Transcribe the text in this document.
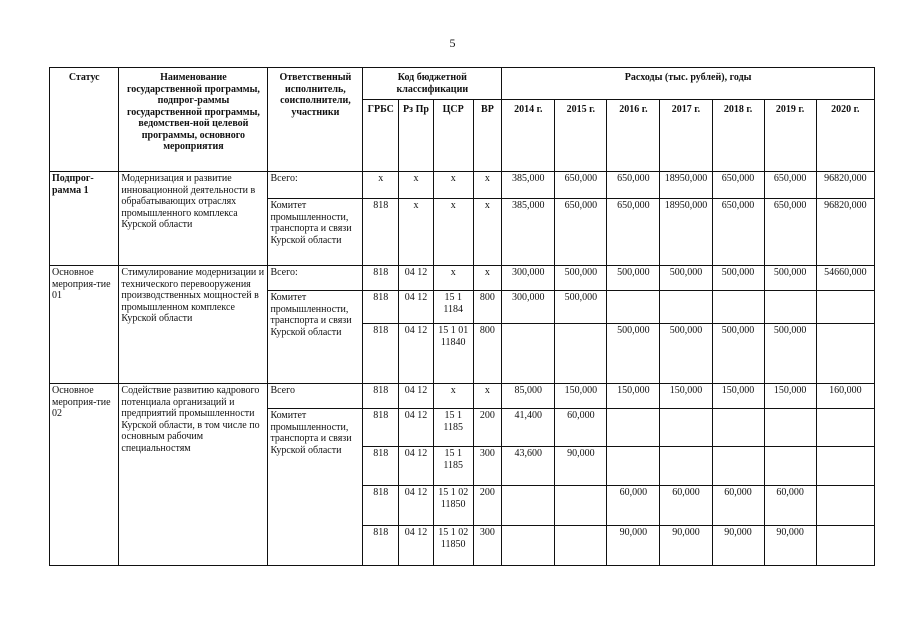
5
Статус	Наименование государственной программы, подпрог-раммы государственной программы, ведомствен-ной целевой программы, основного мероприятия	Ответственный исполнитель, соисполнители, участники	Код бюджетной классификации				Расходы (тыс. рублей), годы						
			ГРБС	Рз Пр	ЦСР	ВР	2014 г.	2015 г.	2016 г.	2017 г.	2018 г.	2019 г.	2020 г.
Подпрог-рамма 1	Модернизация и развитие инновационной деятельности в обрабатывающих отраслях промышленного комплекса Курской области	Всего:	x	x	x	x	385,000	650,000	650,000	18950,000	650,000	650,000	96820,000
		Комитет промышленности, транспорта и связи Курской области	818	x	x	x	385,000	650,000	650,000	18950,000	650,000	650,000	96820,000
Основное мероприя-тие 01	Стимулирование модернизации и технического перевооружения производственных мощностей в промышленном комплексе Курской области	Всего:	818	04 12	x	x	300,000	500,000	500,000	500,000	500,000	500,000	54660,000
		Комитет промышленности, транспорта и связи Курской области	818	04 12	15 1 1184	800	300,000	500,000					
			818	04 12	15 1 01 11840	800			500,000	500,000	500,000	500,000	
Основное мероприя-тие 02	Содействие развитию кадрового потенциала организаций и предприятий промышленности Курской области, в том числе по основным рабочим специальностям	Всего	818	04 12	x	x	85,000	150,000	150,000	150,000	150,000	150,000	160,000
		Комитет промышленности, транспорта и связи Курской области	818	04 12	15 1 1185	200	41,400	60,000					
			818	04 12	15 1 1185	300	43,600	90,000					
			818	04 12	15 1 02 11850	200			60,000	60,000	60,000	60,000	
			818	04 12	15 1 02 11850	300			90,000	90,000	90,000	90,000	
